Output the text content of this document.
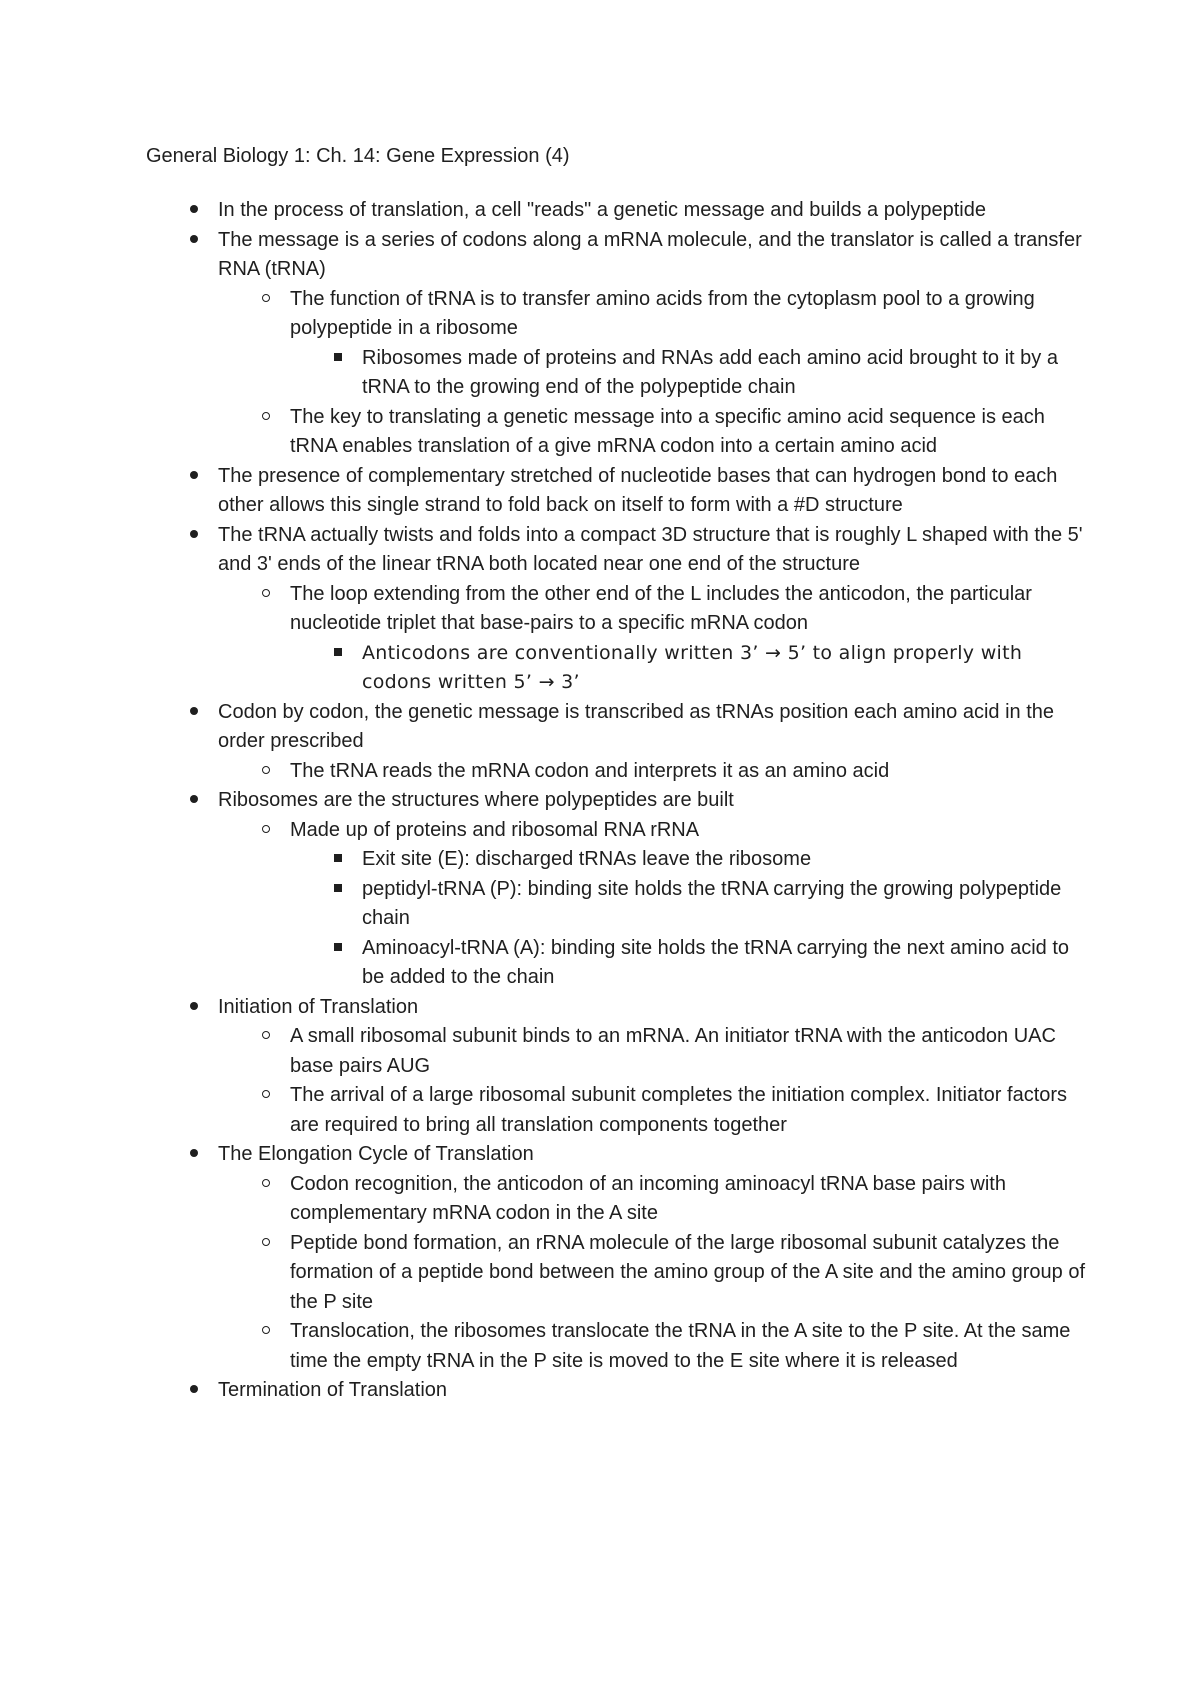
General Biology 1: Ch. 14: Gene Expression (4)
In the process of translation, a cell "reads" a genetic message and builds a polypeptide
The message is a series of codons along a mRNA molecule, and the translator is called a transfer RNA (tRNA)
The function of tRNA is to transfer amino acids from the cytoplasm pool to a growing polypeptide in a ribosome
Ribosomes made of proteins and RNAs add each amino acid brought to it by a tRNA to the growing end of the polypeptide chain
The key to translating a genetic message into a specific amino acid sequence is each tRNA enables translation of a give mRNA codon into a certain amino acid
The presence of complementary stretched of nucleotide bases that can hydrogen bond to each other allows this single strand to fold back on itself to form with a #D structure
The tRNA actually twists and folds into a compact 3D structure that is roughly L shaped with the 5' and 3' ends of the linear tRNA both located near one end of the structure
The loop extending from the other end of the L includes the anticodon, the particular nucleotide triplet that base-pairs to a specific mRNA codon
Anticodons are conventionally written 3’ → 5’ to align properly with codons written 5’ → 3’
Codon by codon, the genetic message is transcribed as tRNAs position each amino acid in the order prescribed
The tRNA reads the mRNA codon and interprets it as an amino acid
Ribosomes are the structures where polypeptides are built
Made up of proteins and ribosomal RNA rRNA
Exit site (E): discharged tRNAs leave the ribosome
peptidyl-tRNA (P): binding site holds the tRNA carrying the growing polypeptide chain
Aminoacyl-tRNA (A): binding site holds the tRNA carrying the next amino acid to be added to the chain
Initiation of Translation
A small ribosomal subunit binds to an mRNA. An initiator tRNA with the anticodon UAC base pairs AUG
The arrival of a large ribosomal subunit completes the initiation complex. Initiator factors are required to bring all translation components together
The Elongation Cycle of Translation
Codon recognition, the anticodon of an incoming aminoacyl tRNA base pairs with complementary mRNA codon in the A site
Peptide bond formation, an rRNA molecule of the large ribosomal subunit catalyzes the formation of a peptide bond between the amino group of the A site and the amino group of the P site
Translocation, the ribosomes translocate the tRNA in the A site to the P site. At the same time the empty tRNA in the P site is moved to the E site where it is released
Termination of Translation
